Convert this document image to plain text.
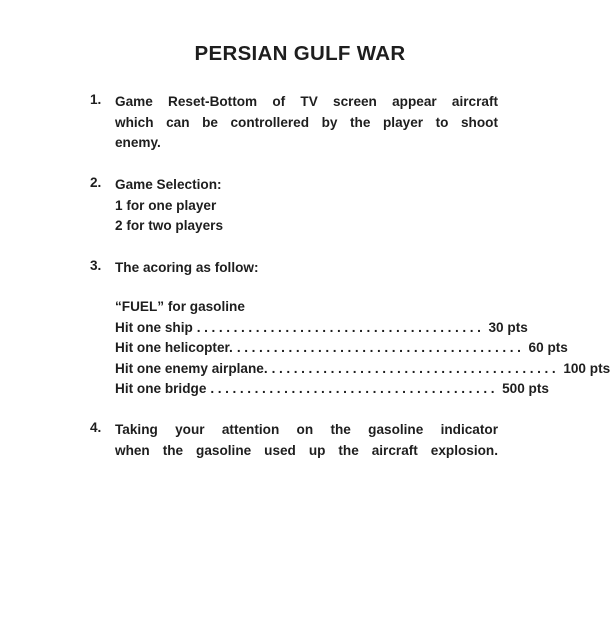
PERSIAN GULF WAR
1.	Game Reset-Bottom of TV screen appear aircraft
which can be controllered by the player to shoot
enemy.
2.	Game Selection:
1 for one player
2 for two players
3.	The acoring as follow:
“FUEL” for gasoline
Hit one ship ....................................... 30 pts
Hit one helicopter. ....................................... 60 pts
Hit one enemy airplane. ....................................... 100 pts
Hit one bridge ....................................... 500 pts
4.	Taking your attention on the gasoline indicator
when the gasoline used up the aircraft explosion.
